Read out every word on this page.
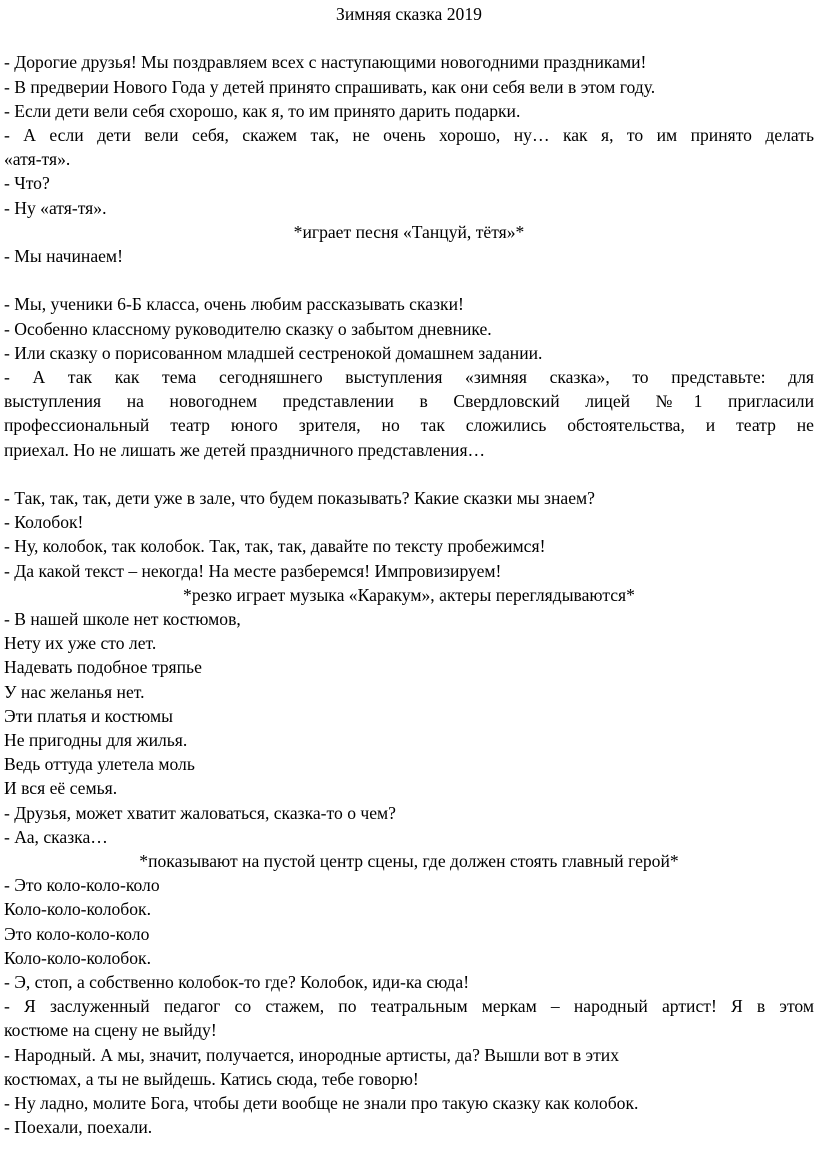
Зимняя сказка 2019
- Дорогие друзья! Мы поздравляем всех с наступающими новогодними праздниками!
- В предверии Нового Года у детей принято спрашивать, как они себя вели в этом году.
- Если дети вели себя схорошо, как я, то им принято дарить подарки.
- А если дети вели себя, скажем так, не очень хорошо, ну… как я, то им принято делать
«атя-тя».
- Что?
- Ну «атя-тя».
*играет песня «Танцуй, тётя»*
- Мы начинаем!
- Мы, ученики 6-Б класса, очень любим рассказывать сказки!
- Особенно классному руководителю сказку о забытом дневнике.
- Или сказку о порисованном младшей сестренокой домашнем задании.
- А так как тема сегодняшнего выступления «зимняя сказка», то представьте: для
выступления на новогоднем представлении в Свердловский лицей №1 пригласили
профессиональный театр юного зрителя, но так сложились обстоятельства, и театр не
приехал. Но не лишать же детей праздничного представления…
- Так, так, так, дети уже в зале, что будем показывать? Какие сказки мы знаем?
- Колобок!
- Ну, колобок, так колобок. Так, так, так, давайте по тексту пробежимся!
- Да какой текст – некогда! На месте разберемся! Импровизируем!
*резко играет музыка «Каракум», актеры переглядываются*
- В нашей школе нет костюмов,
Нету их уже сто лет.
Надевать подобное тряпье
У нас желанья нет.
Эти платья и костюмы
Не пригодны для жилья.
Ведь оттуда улетела моль
И вся её семья.
- Друзья, может хватит жаловаться, сказка-то о чем?
- Аа, сказка…
*показывают на пустой центр сцены, где должен стоять главный герой*
- Это коло-коло-коло
Коло-коло-колобок.
Это коло-коло-коло
Коло-коло-колобок.
- Э, стоп, а собственно колобок-то где? Колобок, иди-ка сюда!
- Я заслуженный педагог со стажем, по театральным меркам – народный артист! Я в этом
костюме на сцену не выйду!
- Народный. А мы, значит, получается, инородные артисты, да? Вышли вот в этих
костюмах, а ты не выйдешь. Катись сюда, тебе говорю!
- Ну ладно, молите Бога, чтобы дети вообще не знали про такую сказку как колобок.
- Поехали, поехали.
